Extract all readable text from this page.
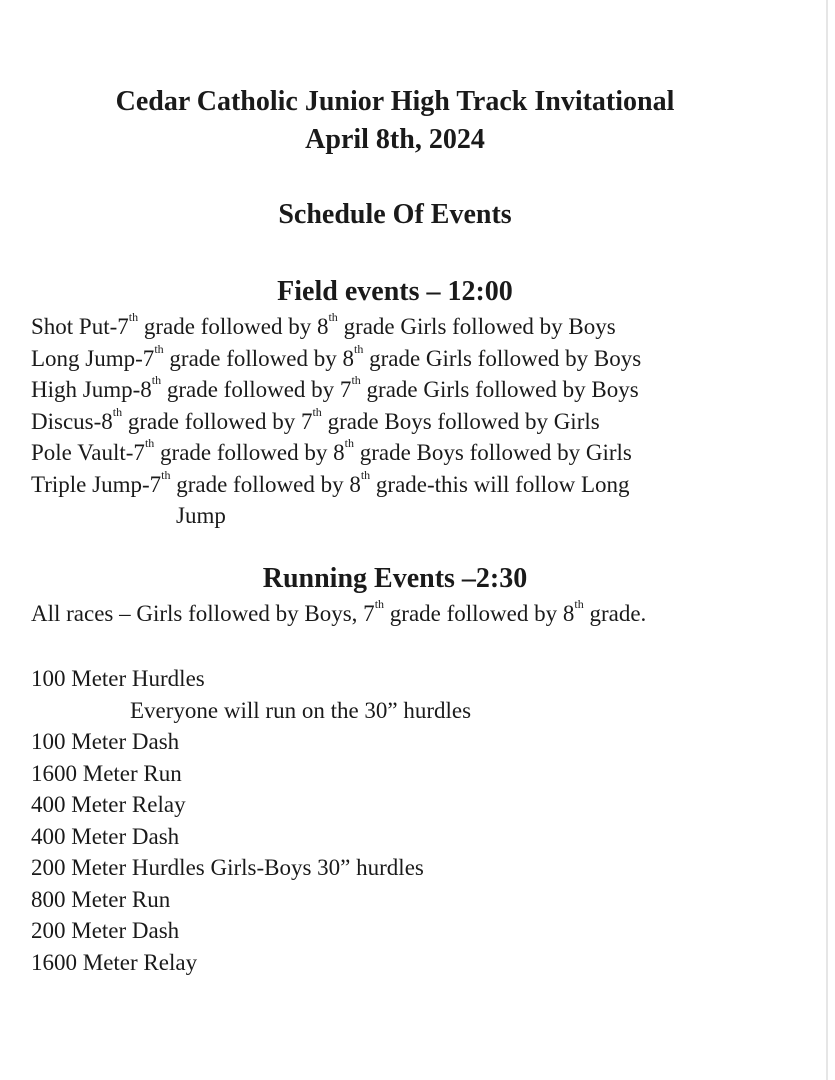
Cedar Catholic Junior High Track Invitational
April 8th, 2024
Schedule Of Events
Field events – 12:00
Shot Put-7th grade followed by 8th grade Girls followed by Boys
Long Jump-7th grade followed by 8th grade Girls followed by Boys
High Jump-8th grade followed by 7th grade Girls followed by Boys
Discus-8th grade followed by 7th grade Boys followed by Girls
Pole Vault-7th grade followed by 8th grade Boys followed by Girls
Triple Jump-7th grade followed by 8th grade-this will follow Long
Jump
Running Events –2:30
All races – Girls followed by Boys, 7th grade followed by 8th grade.
100 Meter Hurdles
Everyone will run on the 30” hurdles
100 Meter Dash
1600 Meter Run
400 Meter Relay
400 Meter Dash
200 Meter Hurdles Girls-Boys 30” hurdles
800 Meter Run
200 Meter Dash
1600 Meter Relay
